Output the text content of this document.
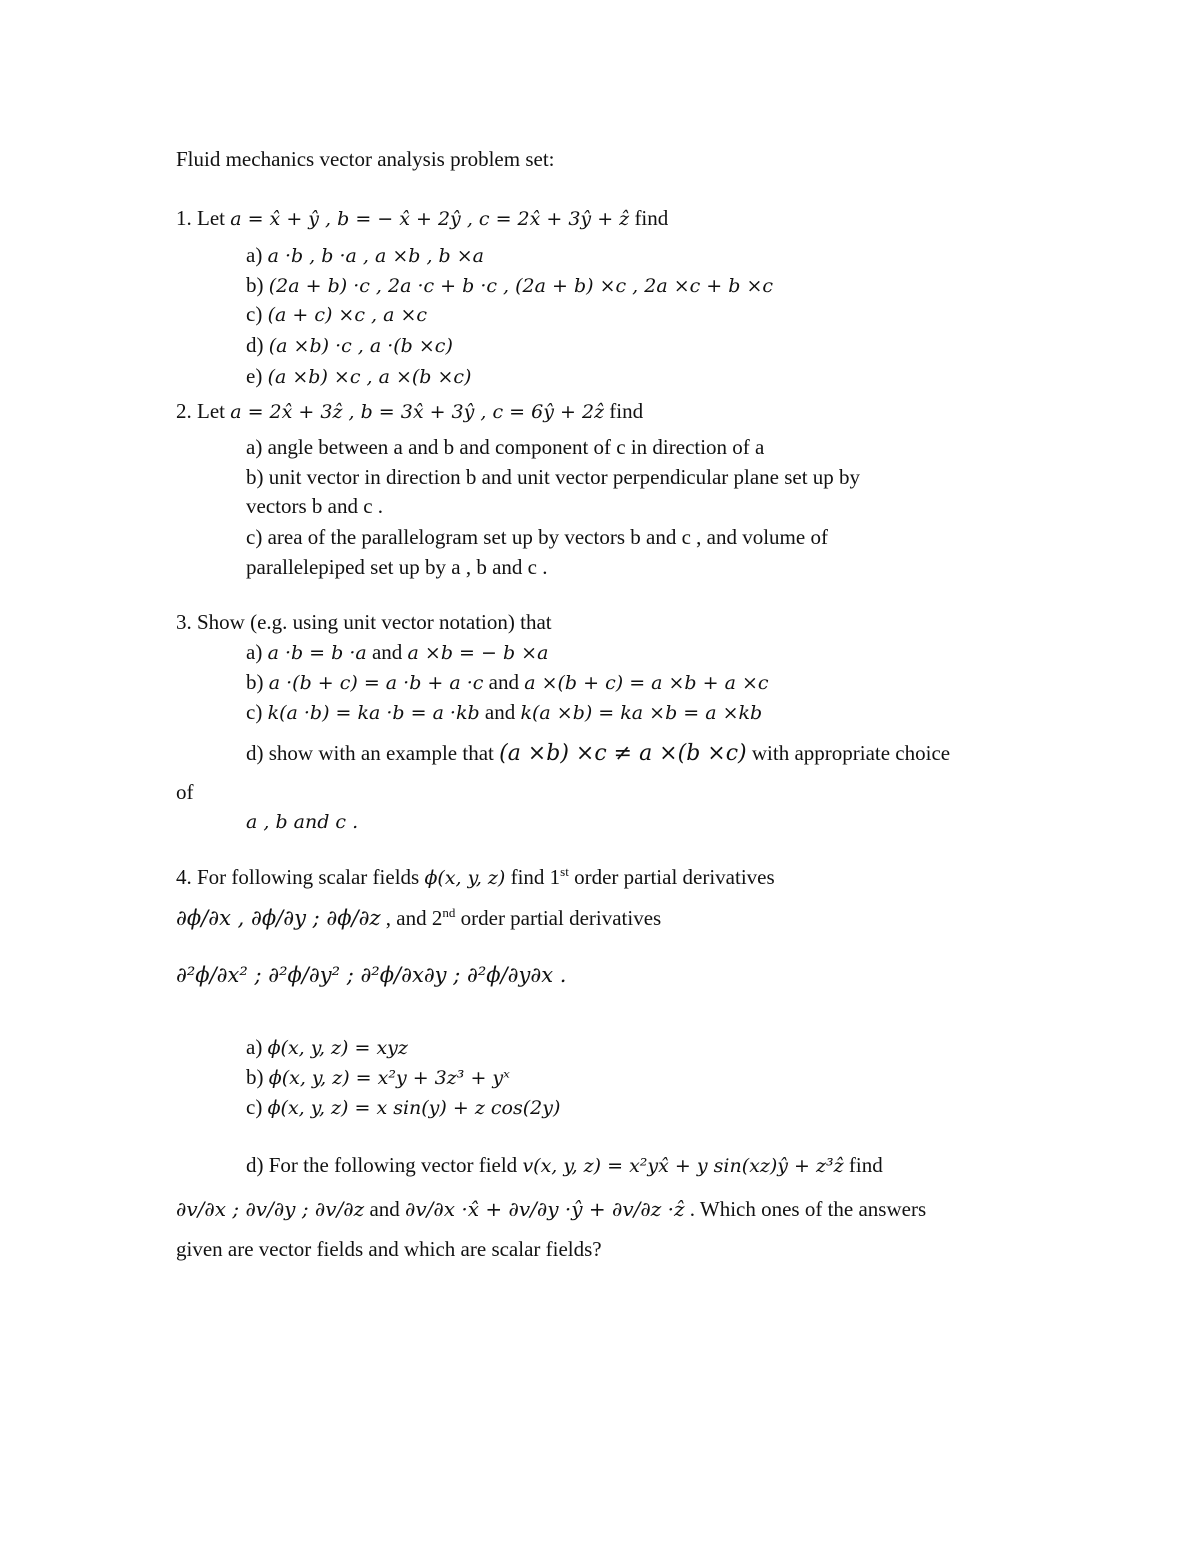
Fluid mechanics vector analysis problem set:
1. Let a = x̂ + ŷ , b = − x̂ + 2ŷ , c = 2x̂ + 3ŷ + ẑ find
a) a ·b , b ·a , a ×b , b ×a
b) (2a + b) ·c , 2a ·c + b ·c , (2a + b) ×c , 2a ×c + b ×c
c) (a + c) ×c , a ×c
d) (a ×b) ·c , a ·(b ×c)
e) (a ×b) ×c , a ×(b ×c)
2. Let a = 2x̂ + 3ẑ , b = 3x̂ + 3ŷ , c = 6ŷ + 2ẑ find
a) angle between a and b and component of c in direction of a
b) unit vector in direction b and unit vector perpendicular plane set up by
vectors b and c .
c) area of the parallelogram set up by vectors b and c , and volume of
parallelepiped set up by a , b and c .
3. Show (e.g. using unit vector notation) that
a) a ·b = b ·a and a ×b = − b ×a
b) a ·(b + c) = a ·b + a ·c and a ×(b + c) = a ×b + a ×c
c) k(a ·b) = ka ·b = a ·kb and k(a ×b) = ka ×b = a ×kb
d) show with an example that (a ×b) ×c ≠ a ×(b ×c) with appropriate choice
of
a , b and c .
4. For following scalar fields ϕ(x, y, z) find 1st order partial derivatives
∂ϕ/∂x , ∂ϕ/∂y ; ∂ϕ/∂z , and 2nd order partial derivatives
∂²ϕ/∂x² ; ∂²ϕ/∂y² ; ∂²ϕ/∂x∂y ; ∂²ϕ/∂y∂x .
a) ϕ(x, y, z) = xyz
b) ϕ(x, y, z) = x²y + 3z³ + yˣ
c) ϕ(x, y, z) = x sin(y) + z cos(2y)
d) For the following vector field v(x, y, z) = x²yx̂ + y sin(xz)ŷ + z³ẑ find
∂v/∂x ; ∂v/∂y ; ∂v/∂z and ∂v/∂x ·x̂ + ∂v/∂y ·ŷ + ∂v/∂z ·ẑ . Which ones of the answers
given are vector fields and which are scalar fields?
